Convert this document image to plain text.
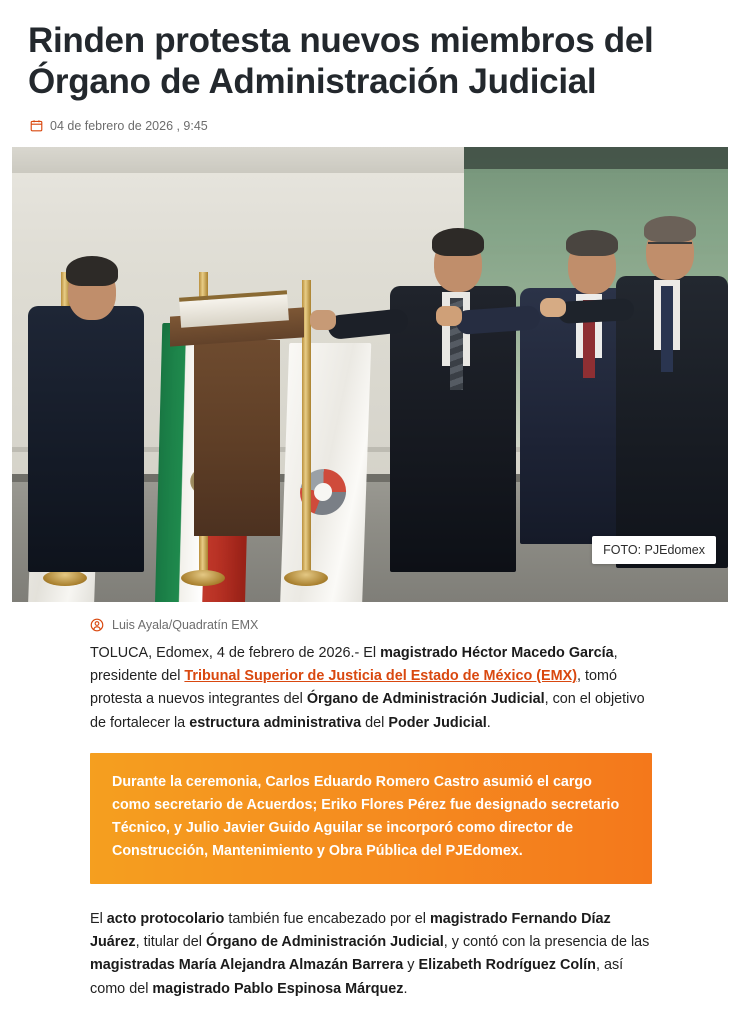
Rinden protesta nuevos miembros del Órgano de Administración Judicial
04 de febrero de 2026 , 9:45
FOTO: PJEdomex
Luis Ayala/Quadratín EMX

TOLUCA, Edomex, 4 de febrero de 2026.- El magistrado Héctor Macedo García, presidente del Tribunal Superior de Justicia del Estado de México (EMX), tomó protesta a nuevos integrantes del Órgano de Administración Judicial, con el objetivo de fortalecer la estructura administrativa del Poder Judicial.

Durante la ceremonia, Carlos Eduardo Romero Castro asumió el cargo como secretario de Acuerdos; Eriko Flores Pérez fue designado secretario Técnico, y Julio Javier Guido Aguilar se incorporó como director de Construcción, Mantenimiento y Obra Pública del PJEdomex.

El acto protocolario también fue encabezado por el magistrado Fernando Díaz Juárez, titular del Órgano de Administración Judicial, y contó con la presencia de las magistradas María Alejandra Almazán Barrera y Elizabeth Rodríguez Colín, así como del magistrado Pablo Espinosa Márquez.
